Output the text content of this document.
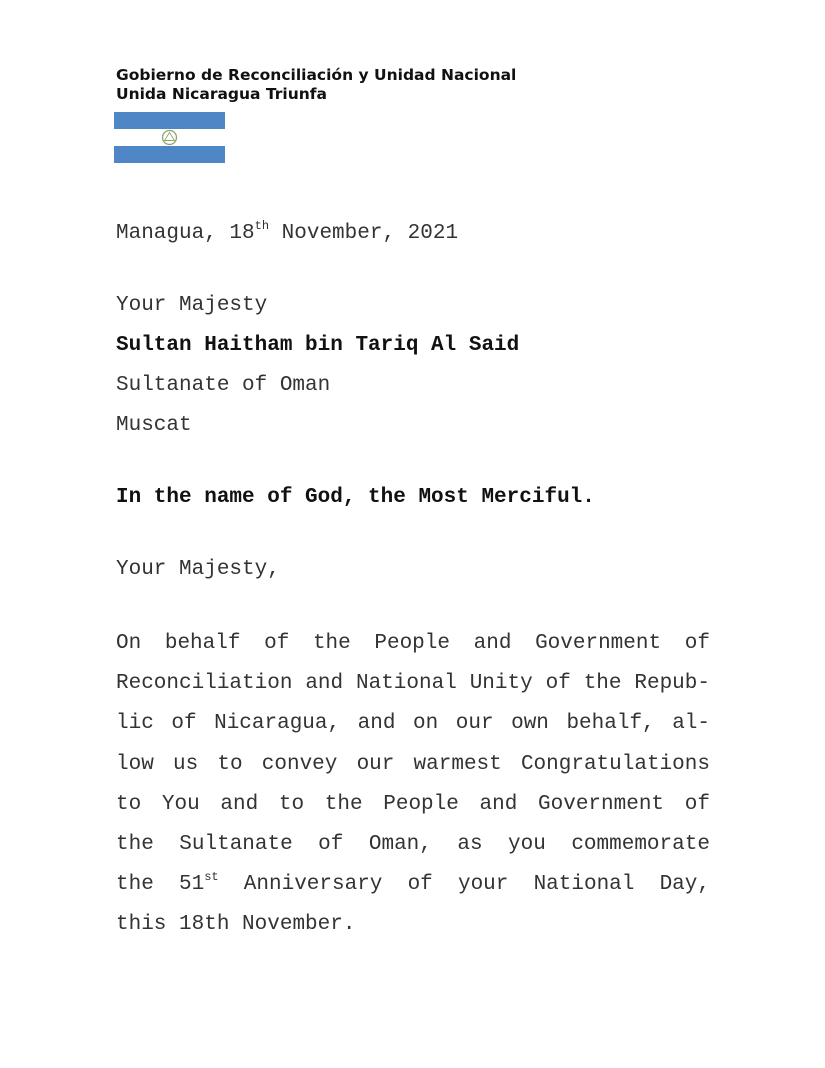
Gobierno de Reconciliación y Unidad Nacional
Unida Nicaragua Triunfa
Managua, 18th November, 2021
Your Majesty
Sultan Haitham bin Tariq Al Said
Sultanate of Oman
Muscat
In the name of God, the Most Merciful.
Your Majesty,
On behalf of the People and Government of
Reconciliation and National Unity of the Repub-
lic of Nicaragua, and on our own behalf, al-
low us to convey our warmest Congratulations
to You and to the People and Government of
the Sultanate of Oman, as you commemorate
the 51st Anniversary of your National Day,
this 18th November.
